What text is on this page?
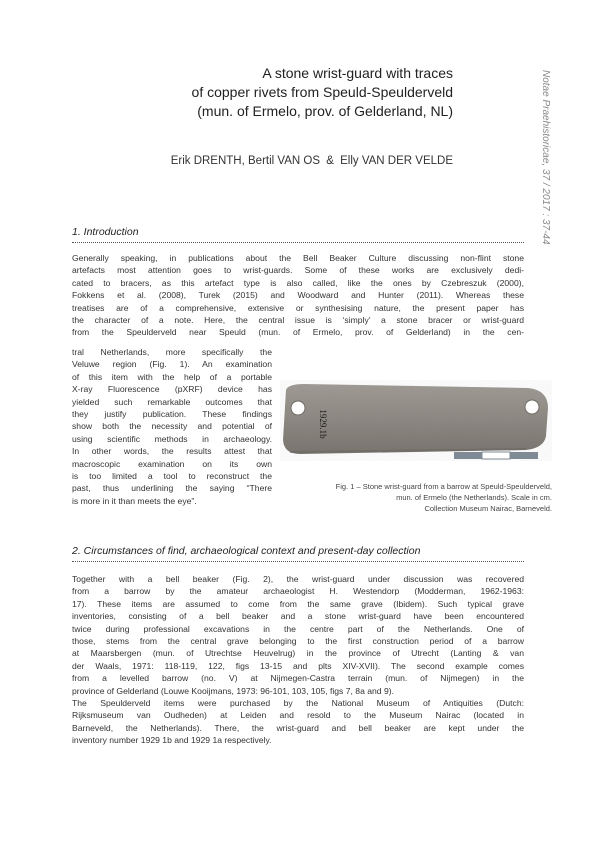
A stone wrist-guard with traces
of copper rivets from Speuld-Speulderveld
(mun. of Ermelo, prov. of Gelderland, NL)
Erik DRENTH, Bertil VAN OS & Elly VAN DER VELDE	Notae Praehistoricae, 37 / 2017 : 37-44
1. Introduction
Generally speaking, in publications about the Bell Beaker Culture discussing non-flint stone
artefacts most attention goes to wrist-guards. Some of these works are exclusively dedi-
cated to bracers, as this artefact type is also called, like the ones by Czebreszuk (2000),
Fokkens et al. (2008), Turek (2015) and Woodward and Hunter (2011). Whereas these
treatises are of a comprehensive, extensive or synthesising nature, the present paper has
the character of a note. Here, the central issue is ‘simply’ a stone bracer or wrist-guard
from the Speulderveld near Speuld (mun. of Ermelo, prov. of Gelderland) in the cen-
tral Netherlands, more specifically the
Veluwe region (Fig. 1). An examination
of this item with the help of a portable
X-ray Fluorescence (pXRF) device has
yielded such remarkable outcomes that
they justify publication. These findings
show both the necessity and potential of
using scientific methods in archaeology.
In other words, the results attest that
macroscopic examination on its own
is too limited a tool to reconstruct the
past, thus underlining the saying “There
is more in it than meets the eye”.
1929.1b
Fig. 1 – Stone wrist-guard from a barrow at Speuld-Speulderveld,
mun. of Ermelo (the Netherlands). Scale in cm.
Collection Museum Nairac, Barneveld.
2. Circumstances of find, archaeological context and present-day collection
Together with a bell beaker (Fig. 2), the wrist-guard under discussion was recovered
from a barrow by the amateur archaeologist H. Westendorp (Modderman, 1962-1963:
17). These items are assumed to come from the same grave (Ibidem). Such typical grave
inventories, consisting of a bell beaker and a stone wrist-guard have been encountered
twice during professional excavations in the centre part of the Netherlands. One of
those, stems from the central grave belonging to the first construction period of a barrow
at Maarsbergen (mun. of Utrechtse Heuvelrug) in the province of Utrecht (Lanting & van
der Waals, 1971: 118-119, 122, figs 13-15 and plts XIV-XVII). The second example comes
from a levelled barrow (no. V) at Nijmegen-Castra terrain (mun. of Nijmegen) in the
province of Gelderland (Louwe Kooijmans, 1973: 96-101, 103, 105, figs 7, 8a and 9).
The Speulderveld items were purchased by the National Museum of Antiquities (Dutch:
Rijksmuseum van Oudheden) at Leiden and resold to the Museum Nairac (located in
Barneveld, the Netherlands). There, the wrist-guard and bell beaker are kept under the
inventory number 1929 1b and 1929 1a respectively.
